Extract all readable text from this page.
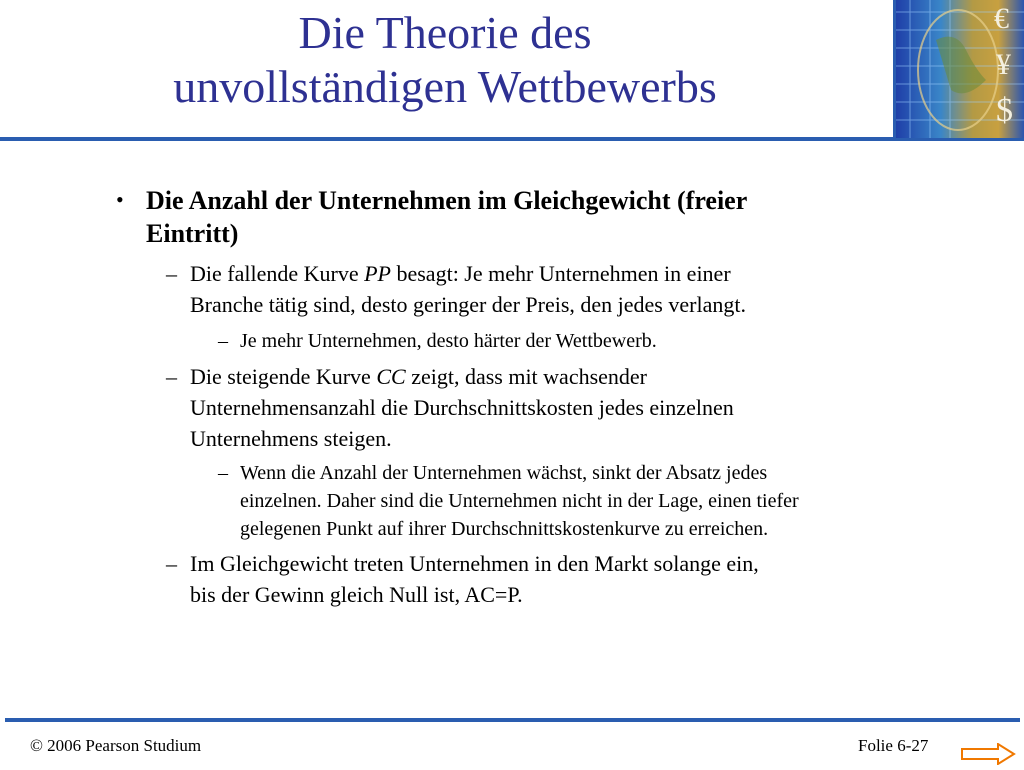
Die Theorie des
unvollständigen Wettbewerbs
€
¥
$
• Die Anzahl der Unternehmen im Gleichgewicht (freier
Eintritt)
– Die fallende Kurve PP besagt: Je mehr Unternehmen in einer
Branche tätig sind, desto geringer der Preis, den jedes verlangt.
– Je mehr Unternehmen, desto härter der Wettbewerb.
– Die steigende Kurve CC zeigt, dass mit wachsender
Unternehmensanzahl die Durchschnittskosten jedes einzelnen
Unternehmens steigen.
– Wenn die Anzahl der Unternehmen wächst, sinkt der Absatz jedes
einzelnen. Daher sind die Unternehmen nicht in der Lage, einen tiefer
gelegenen Punkt auf ihrer Durchschnittskostenkurve zu erreichen.
– Im Gleichgewicht treten Unternehmen in den Markt solange ein,
bis der Gewinn gleich Null ist, AC=P.
© 2006 Pearson Studium	Folie 6-27
